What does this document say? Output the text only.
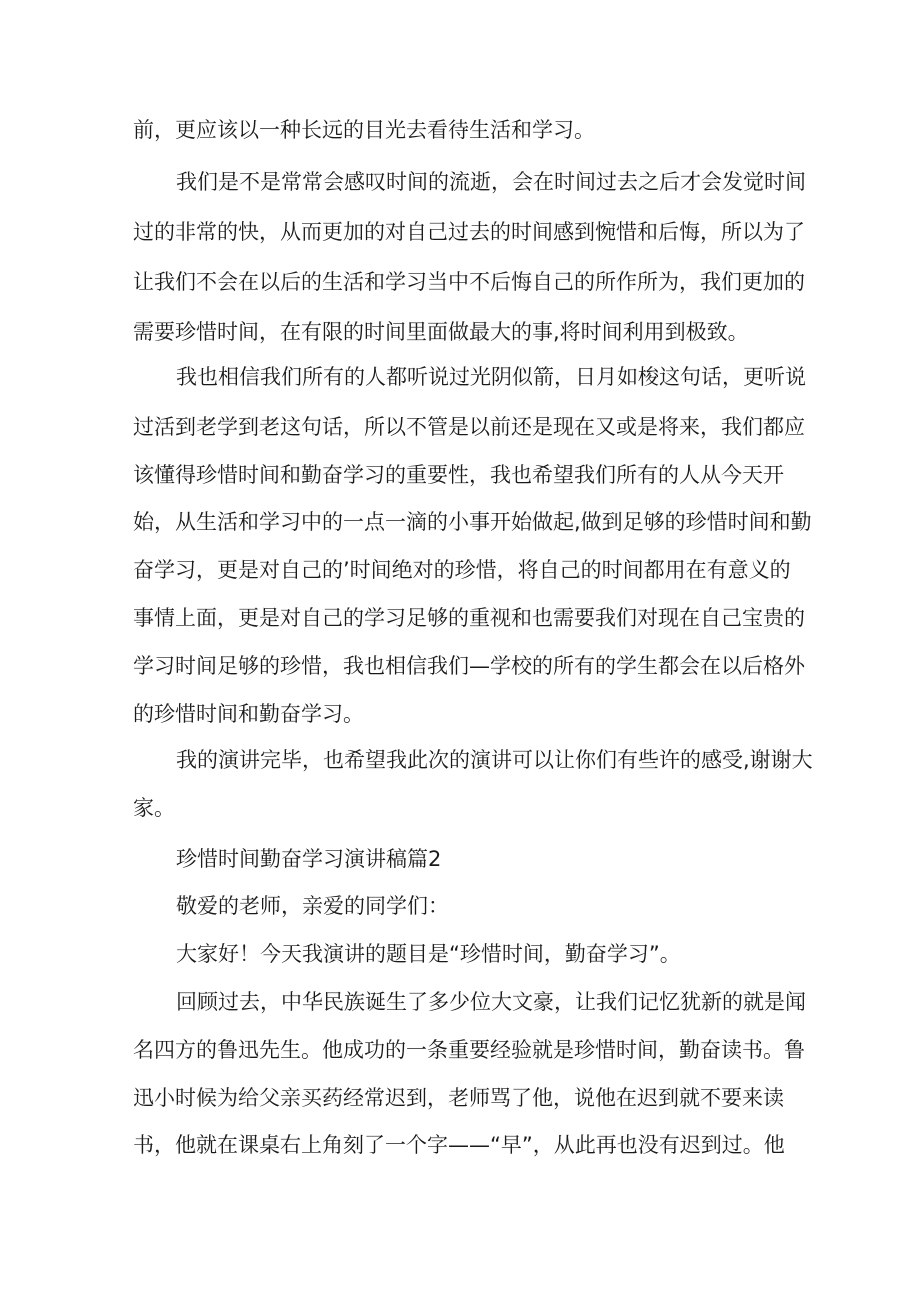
前，更应该以一种长远的目光去看待生活和学习。
我们是不是常常会感叹时间的流逝，会在时间过去之后才会发觉时间
过的非常的快，从而更加的对自己过去的时间感到惋惜和后悔，所以为了
让我们不会在以后的生活和学习当中不后悔自己的所作所为，我们更加的
需要珍惜时间，在有限的时间里面做最大的事,将时间利用到极致。
我也相信我们所有的人都听说过光阴似箭，日月如梭这句话，更听说
过活到老学到老这句话，所以不管是以前还是现在又或是将来，我们都应
该懂得珍惜时间和勤奋学习的重要性，我也希望我们所有的人从今天开
始，从生活和学习中的一点一滴的小事开始做起,做到足够的珍惜时间和勤
奋学习，更是对自己的’时间绝对的珍惜，将自己的时间都用在有意义的
事情上面，更是对自己的学习足够的重视和也需要我们对现在自己宝贵的
学习时间足够的珍惜，我也相信我们—学校的所有的学生都会在以后格外
的珍惜时间和勤奋学习。
我的演讲完毕，也希望我此次的演讲可以让你们有些许的感受,谢谢大
家。
珍惜时间勤奋学习演讲稿篇2
敬爱的老师，亲爱的同学们：
大家好！今天我演讲的题目是“珍惜时间，勤奋学习”。
回顾过去，中华民族诞生了多少位大文豪，让我们记忆犹新的就是闻
名四方的鲁迅先生。他成功的一条重要经验就是珍惜时间，勤奋读书。鲁
迅小时候为给父亲买药经常迟到，老师骂了他，说他在迟到就不要来读
书，他就在课桌右上角刻了一个字——“早”，从此再也没有迟到过。他
